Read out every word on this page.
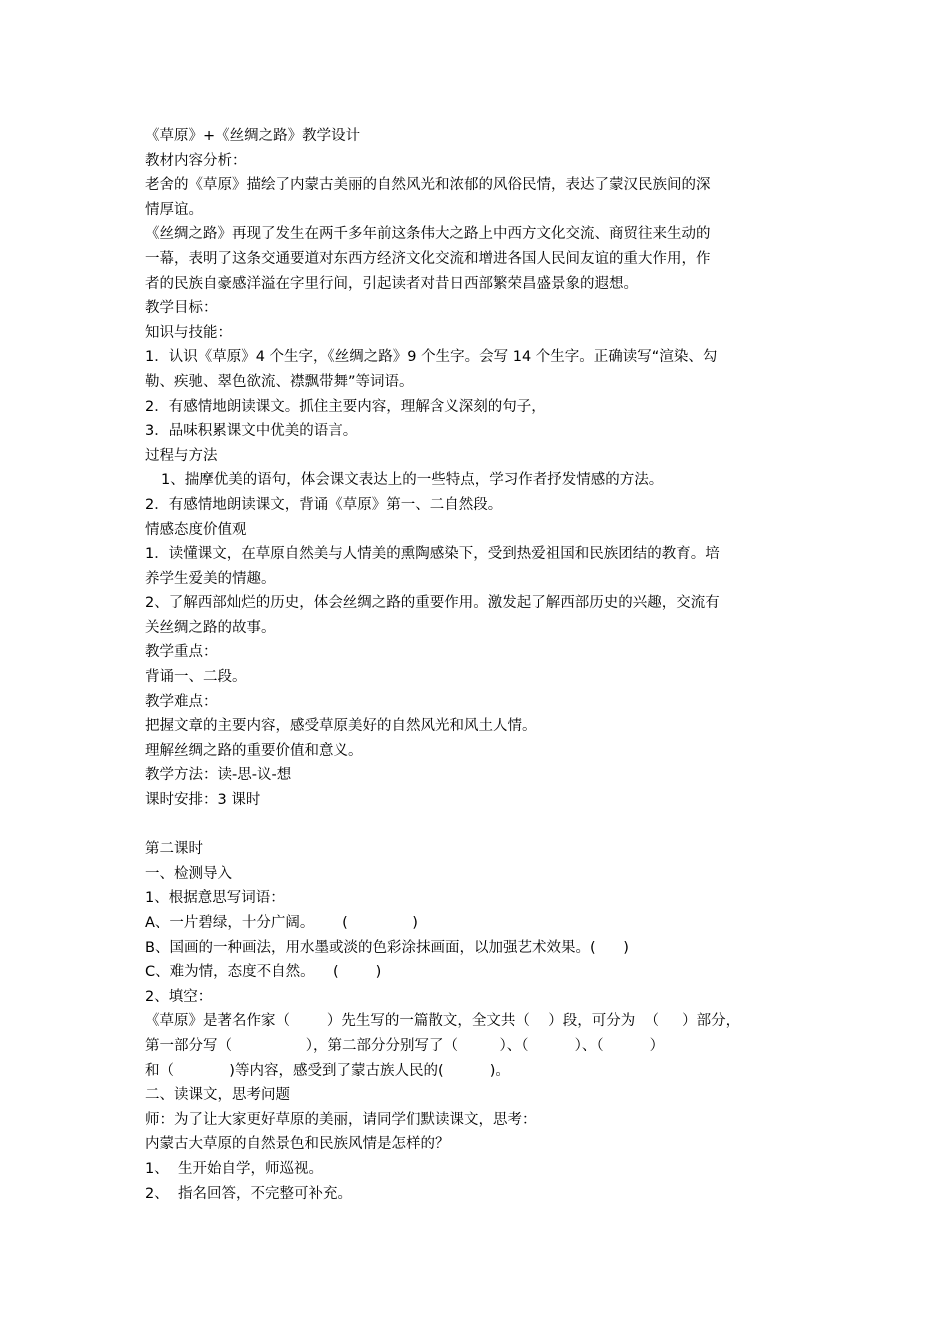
《草原》+《丝绸之路》教学设计
教材内容分析：
老舍的《草原》描绘了内蒙古美丽的自然风光和浓郁的风俗民情，表达了蒙汉民族间的深
情厚谊。
《丝绸之路》再现了发生在两千多年前这条伟大之路上中西方文化交流、商贸往来生动的
一幕，表明了这条交通要道对东西方经济文化交流和增进各国人民间友谊的重大作用，作
者的民族自豪感洋溢在字里行间，引起读者对昔日西部繁荣昌盛景象的遐想。
教学目标：
知识与技能：
1．认识《草原》4 个生字，《丝绸之路》9 个生字。会写 14 个生字。正确读写“渲染、勾
勒、疾驰、翠色欲流、襟飘带舞”等词语。
2．有感情地朗读课文。抓住主要内容，理解含义深刻的句子，
3．品味积累课文中优美的语言。
过程与方法
1、揣摩优美的语句，体会课文表达上的一些特点，学习作者抒发情感的方法。
2．有感情地朗读课文，背诵《草原》第一、二自然段。
情感态度价值观
1．读懂课文，在草原自然美与人情美的熏陶感染下，受到热爱祖国和民族团结的教育。培
养学生爱美的情趣。
2、了解西部灿烂的历史，体会丝绸之路的重要作用。激发起了解西部历史的兴趣，交流有
关丝绸之路的故事。
教学重点：
背诵一、二段。
教学难点：
把握文章的主要内容，感受草原美好的自然风光和风土人情。
理解丝绸之路的重要价值和意义。
教学方法：读-思-议-想
课时安排：3 课时
第二课时
一、检测导入
1、根据意思写词语：
A、一片碧绿，十分广阔。      (              )
B、国画的一种画法，用水墨或淡的色彩涂抹画面，以加强艺术效果。(      )
C、难为情，态度不自然。    (        )
2、填空：
《草原》是著名作家（        ）先生写的一篇散文，全文共（    ）段，可分为  （     ）部分，
第一部分写（                ），第二部分分别写了（         ）、（          ）、（          ）
和（            )等内容，感受到了蒙古族人民的(          )。
二、读课文，思考问题
师：为了让大家更好草原的美丽，请同学们默读课文，思考：
内蒙古大草原的自然景色和民族风情是怎样的？
1、  生开始自学，师巡视。
2、  指名回答，不完整可补充。
